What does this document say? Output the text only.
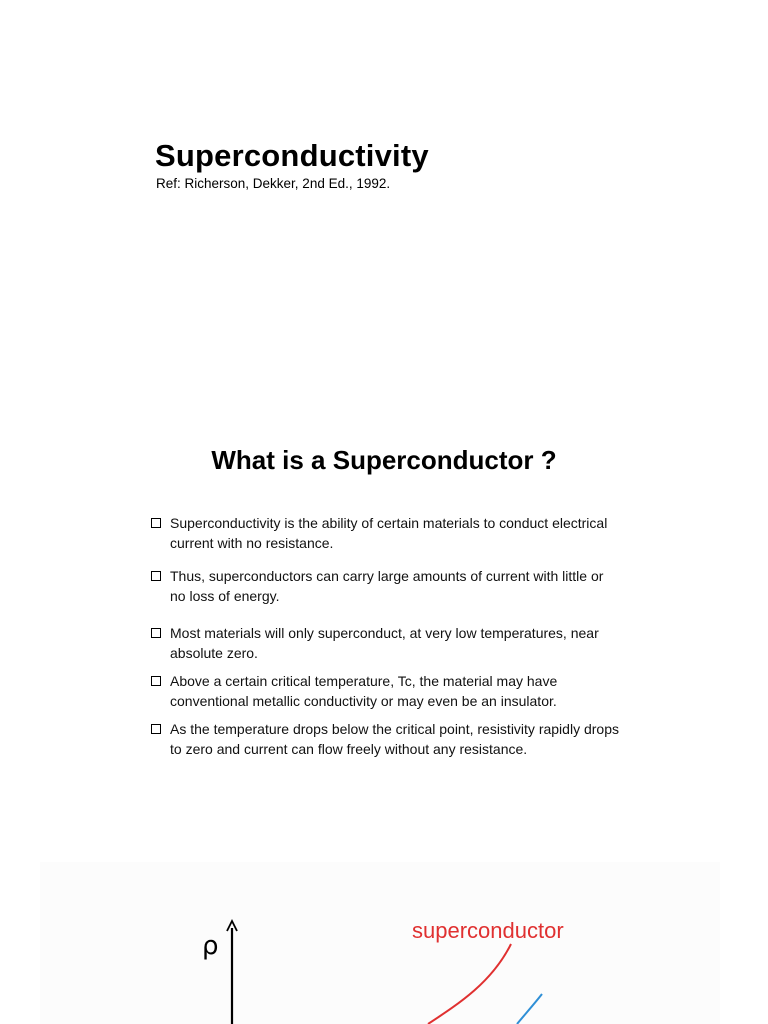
Superconductivity
Ref: Richerson, Dekker, 2nd Ed., 1992.
What is a Superconductor ?
Superconductivity is the ability of certain materials to conduct electrical current with no resistance.
Thus, superconductors can carry large amounts of current with little or no loss of energy.
Most materials will only superconduct, at very low temperatures, near absolute zero.
Above a certain critical temperature, Tc, the material may have conventional metallic conductivity or may even be an insulator.
As the temperature drops below the critical point, resistivity rapidly drops to zero and current can flow freely without any resistance.
ρ
superconductor
